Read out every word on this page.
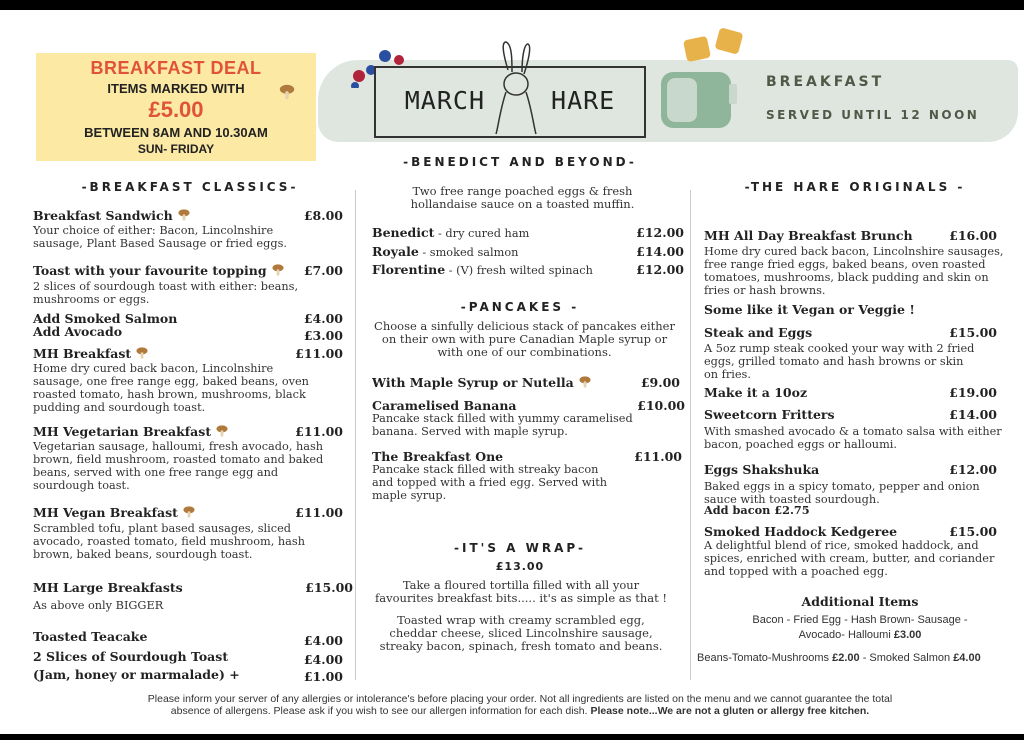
BREAKFAST DEAL
ITEMS MARKED WITH
£5.00
BETWEEN 8AM AND 10.30AM
SUN- FRIDAY
MARCH	HARE
BREAKFAST
SERVED UNTIL 12 NOON
-BREAKFAST CLASSICS-
Breakfast Sandwich	£8.00
Your choice of either: Bacon, Lincolnshire sausage, Plant Based Sausage or fried eggs.
Toast with your favourite topping	£7.00
2 slices of sourdough toast with either: beans, mushrooms or eggs.
Add Smoked Salmon	£4.00
Add Avocado	£3.00
MH Breakfast	£11.00
Home dry cured back bacon, Lincolnshire sausage, one free range egg, baked beans, oven roasted tomato, hash brown, mushrooms, black pudding and sourdough toast.
MH Vegetarian Breakfast	£11.00
Vegetarian sausage, halloumi, fresh avocado, hash brown, field mushroom, roasted tomato and baked beans, served with one free range egg and sourdough toast.
MH Vegan Breakfast	£11.00
Scrambled tofu, plant based sausages, sliced avocado, roasted tomato, field mushroom, hash brown, baked beans, sourdough toast.
MH Large Breakfasts	£15.00
As above only BIGGER
Toasted Teacake	£4.00
2 Slices of Sourdough Toast	£4.00
(Jam, honey or marmalade) +	£1.00
-BENEDICT AND BEYOND-
Two free range poached eggs & fresh hollandaise sauce on a toasted muffin.
Benedict - dry cured ham	£12.00
Royale - smoked salmon	£14.00
Florentine - (V) fresh wilted spinach	£12.00
-PANCAKES -
Choose a sinfully delicious stack of pancakes either on their own with pure Canadian Maple syrup or with one of our combinations.
With Maple Syrup or Nutella	£9.00
Caramelised Banana	£10.00
Pancake stack filled with yummy caramelised banana. Served with maple syrup.
The Breakfast One	£11.00
Pancake stack filled with streaky bacon and topped with a fried egg. Served with maple syrup.
-IT'S A WRAP-
£13.00
Take a floured tortilla filled with all your favourites breakfast bits..... it's as simple as that !
Toasted wrap with creamy scrambled egg, cheddar cheese, sliced Lincolnshire sausage, streaky bacon, spinach, fresh tomato and beans.
-THE HARE ORIGINALS -
MH All Day Breakfast Brunch	£16.00
Home dry cured back bacon, Lincolnshire sausages, free range fried eggs, baked beans, oven roasted tomatoes, mushrooms, black pudding and skin on fries or hash browns.
Some like it Vegan or Veggie !
Steak and Eggs	£15.00
A 5oz rump steak cooked your way with 2 fried eggs, grilled tomato and hash browns or skin on fries.
Make it a 10oz	£19.00
Sweetcorn Fritters	£14.00
With smashed avocado & a tomato salsa with either bacon, poached eggs or halloumi.
Eggs Shakshuka	£12.00
Baked eggs in a spicy tomato, pepper and onion sauce with toasted sourdough.
Add bacon £2.75
Smoked Haddock Kedgeree	£15.00
A delightful blend of rice, smoked haddock, and spices, enriched with cream, butter, and coriander and topped with a poached egg.
Additional Items
Bacon - Fried Egg - Hash Brown- Sausage -
Avocado- Halloumi £3.00
Beans-Tomato-Mushrooms £2.00 - Smoked Salmon £4.00
Please inform your server of any allergies or intolerance's before placing your order. Not all ingredients are listed on the menu and we cannot guarantee the total
absence of allergens. Please ask if you wish to see our allergen information for each dish. Please note...We are not a gluten or allergy free kitchen.
